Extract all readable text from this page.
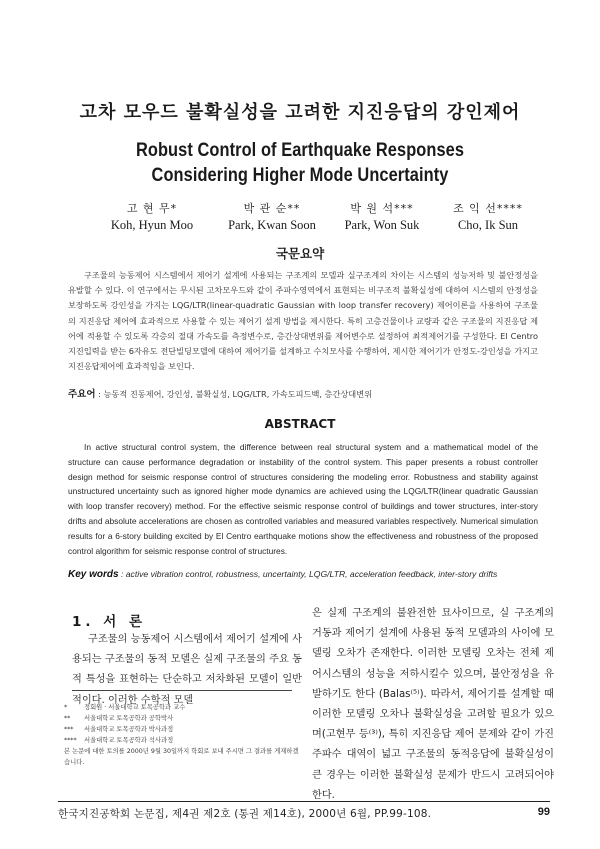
고차 모우드 불확실성을 고려한 지진응답의 강인제어
Robust Control of Earthquake Responses
Considering Higher Mode Uncertainty
고 현 무*
Koh, Hyun Moo
박 관 순**
Park, Kwan Soon
박 원 석***
Park, Won Suk
조 익 선****
Cho, Ik Sun
국문요약
구조물의 능동제어 시스템에서 제어기 설계에 사용되는 구조계의 모델과 실구조계의 차이는 시스템의 성능저하 및 불안정성을 유발할 수 있다. 이 연구에서는 무시된 고차모우드와 같이 주파수영역에서 표현되는 비구조적 불확실성에 대하여 시스템의 안정성을 보장하도록 강인성을 가지는 LQG/LTR(linear-quadratic Gaussian with loop transfer recovery) 제어이론을 사용하여 구조물의 지진응답 제어에 효과적으로 사용할 수 있는 제어기 설계 방법을 제시한다. 특히 고층건물이나 교량과 같은 구조물의 지진응답 제어에 적용할 수 있도록 각층의 절대 가속도를 측정변수로, 층간상대변위를 제어변수로 설정하여 최적제어기를 구성한다. El Centro 지진입력을 받는 6자유도 전단빌딩모델에 대하여 제어기를 설계하고 수치모사를 수행하여, 제시한 제어기가 안정도-강인성을 가지고 지진응답제어에 효과적임을 보인다.
주요어 : 능동적 진동제어, 강인성, 불확실성, LQG/LTR, 가속도피드백, 층간상대변위
ABSTRACT
In active structural control system, the difference between real structural system and a mathematical model of the structure can cause performance degradation or instability of the control system. This paper presents a robust controller design method for seismic response control of structures considering the modeling error. Robustness and stability against unstructured uncertainty such as ignored higher mode dynamics are achieved using the LQG/LTR(linear quadratic Gaussian with loop transfer recovery) method. For the effective seismic response control of buildings and tower structures, inter-story drifts and absolute accelerations are chosen as controlled variables and measured variables respectively. Numerical simulation results for a 6-story building excited by El Centro earthquake motions show the effectiveness and robustness of the proposed control algorithm for seismic response control of structures.
Key words : active vibration control, robustness, uncertainty, LQG/LTR, acceleration feedback, inter-story drifts
1. 서 론
구조물의 능동제어 시스템에서 제어기 설계에 사용되는 구조물의 동적 모델은 실제 구조물의 주요 동적 특성을 표현하는 단순하고 저차화된 모델이 일반적이다. 이러한 수학적 모델
은 실제 구조계의 불완전한 묘사이므로, 실 구조계의 거동과 제어기 설계에 사용된 동적 모델과의 사이에 모델링 오차가 존재한다. 이러한 모델링 오차는 전체 제어시스템의 성능을 저하시킬수 있으며, 불안정성을 유발하기도 한다 (Balas⁽⁵⁾). 따라서, 제어기를 설계할 때 이러한 모델링 오차나 불확실성을 고려할 필요가 있으며(고현무 등⁽³⁾), 특히 지진응답 제어 문제와 같이 가진 주파수 대역이 넓고 구조물의 동적응답에 불확실성이 큰 경우는 이러한 불확실성 문제가 반드시 고려되어야 한다.
*	정회원 · 서울대학교 토목공학과 교수
**	서울대학교 토목공학과 공학박사
***	서울대학교 토목공학과 박사과정
****	서울대학교 토목공학과 석사과정
본 논문에 대한 토의를 2000년 9월 30일까지 학회로 보내 주시면 그 결과를 게재하겠습니다.
한국지진공학회 논문집, 제4권 제2호 (통권 제14호), 2000년 6월, PP.99-108.	99
